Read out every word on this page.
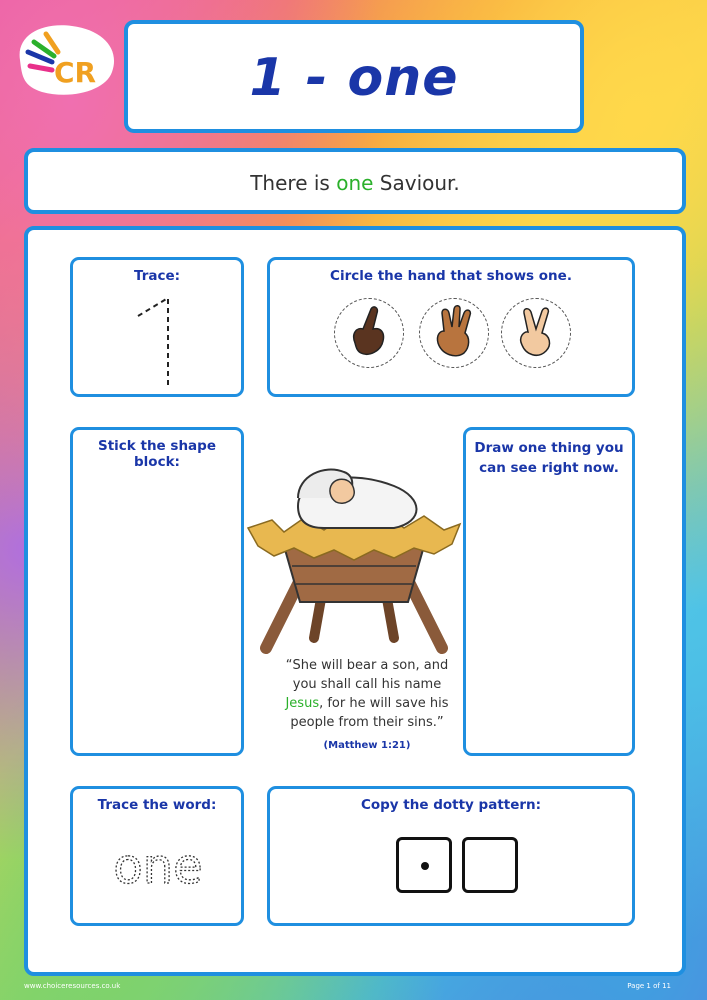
CR	1 - one
There is one Saviour.
Trace:	Circle the hand that shows one.
Stick the shape block:
Draw one thing you
can see right now.
“She will bear a son, and
you shall call his name
Jesus, for he will save his
people from their sins.”
(Matthew 1:21)
Trace the word:
one
Copy the dotty pattern:
www.choiceresources.co.uk	Page 1 of 11
